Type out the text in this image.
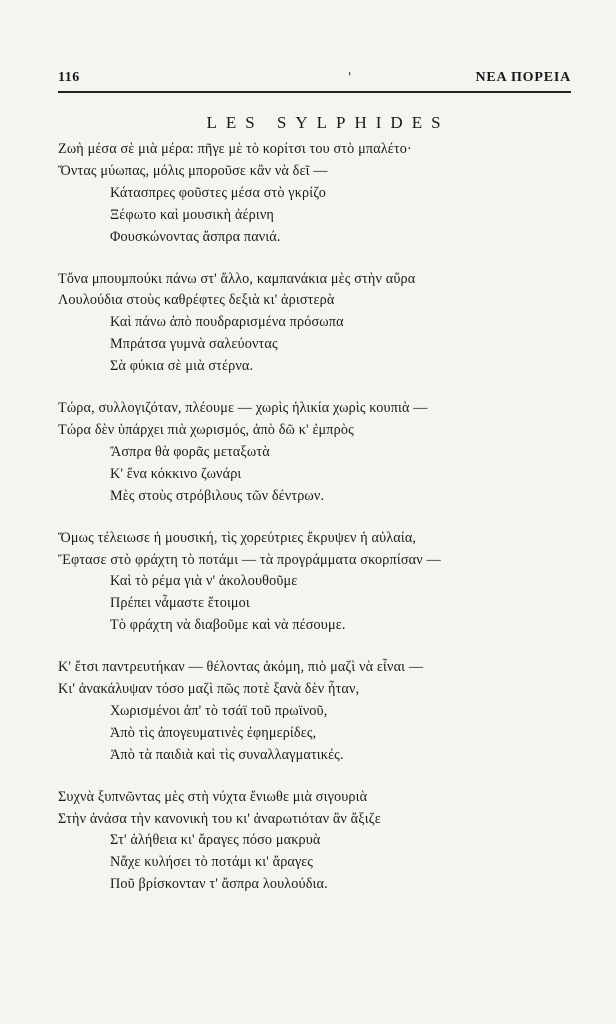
116	'	ΝΕΑ ΠΟΡΕΙΑ
LES SYLPHIDES
Ζωὴ μέσα σὲ μιὰ μέρα: πῆγε μὲ τὸ κορίτσι του στὸ μπαλέτο·
Ὄντας μύωπας, μόλις μποροῦσε κἂν νὰ δεῖ —
Κάτασπρες φοῦστες μέσα στὸ γκρίζο
Ξέφωτο καὶ μουσικὴ ἀέρινη
Φουσκώνοντας ἄσπρα πανιά.
Τὄνα μπουμπούκι πάνω στ' ἄλλο, καμπανάκια μὲς στὴν αὔρα
Λουλούδια στοὺς καθρέφτες δεξιὰ κι' ἀριστερὰ
Καὶ πάνω ἀπὸ πουδραρισμένα πρόσωπα
Μπράτσα γυμνὰ σαλεύοντας
Σὰ φύκια σὲ μιὰ στέρνα.
Τώρα, συλλογιζόταν, πλέουμε — χωρὶς ἡλικία χωρὶς κουπιὰ —
Τώρα δὲν ὑπάρχει πιὰ χωρισμός, ἀπὸ δῶ κ' ἐμπρὸς
Ἄσπρα θὰ φορᾶς μεταξωτὰ
Κ' ἕνα κόκκινο ζωνάρι
Μὲς στοὺς στρόβιλους τῶν δέντρων.
Ὅμως τέλειωσε ἡ μουσική, τὶς χορεύτριες ἔκρυψεν ἡ αὐλαία,
Ἔφτασε στὸ φράχτη τὸ ποτάμι — τὰ προγράμματα σκορπίσαν —
Καὶ τὸ ρέμα γιὰ ν' ἀκολουθοῦμε
Πρέπει νἆμαστε ἕτοιμοι
Τὸ φράχτη νὰ διαβοῦμε καὶ νὰ πέσουμε.
Κ' ἔτσι παντρευτήκαν — θέλοντας ἀκόμη, πιὸ μαζὶ νὰ εἶναι —
Κι' ἀνακάλυψαν τόσο μαζὶ πῶς ποτὲ ξανὰ δὲν ἦταν,
Χωρισμένοι ἀπ' τὸ τσάϊ τοῦ πρωϊνοῦ,
Ἀπὸ τὶς ἀπογευματινὲς ἐφημερίδες,
Ἀπὸ τὰ παιδιὰ καὶ τὶς συναλλαγματικές.
Συχνὰ ξυπνῶντας μὲς στὴ νύχτα ἔνιωθε μιὰ σιγουριὰ
Στὴν ἀνάσα τὴν κανονικὴ του κι' ἀναρωτιόταν ἂν ἄξιζε
Στ' ἀλήθεια κι' ἄραγες πόσο μακρυὰ
Νἄχε κυλήσει τὸ ποτάμι κι' ἄραγες
Ποῦ βρίσκονταν τ' ἄσπρα λουλούδια.
